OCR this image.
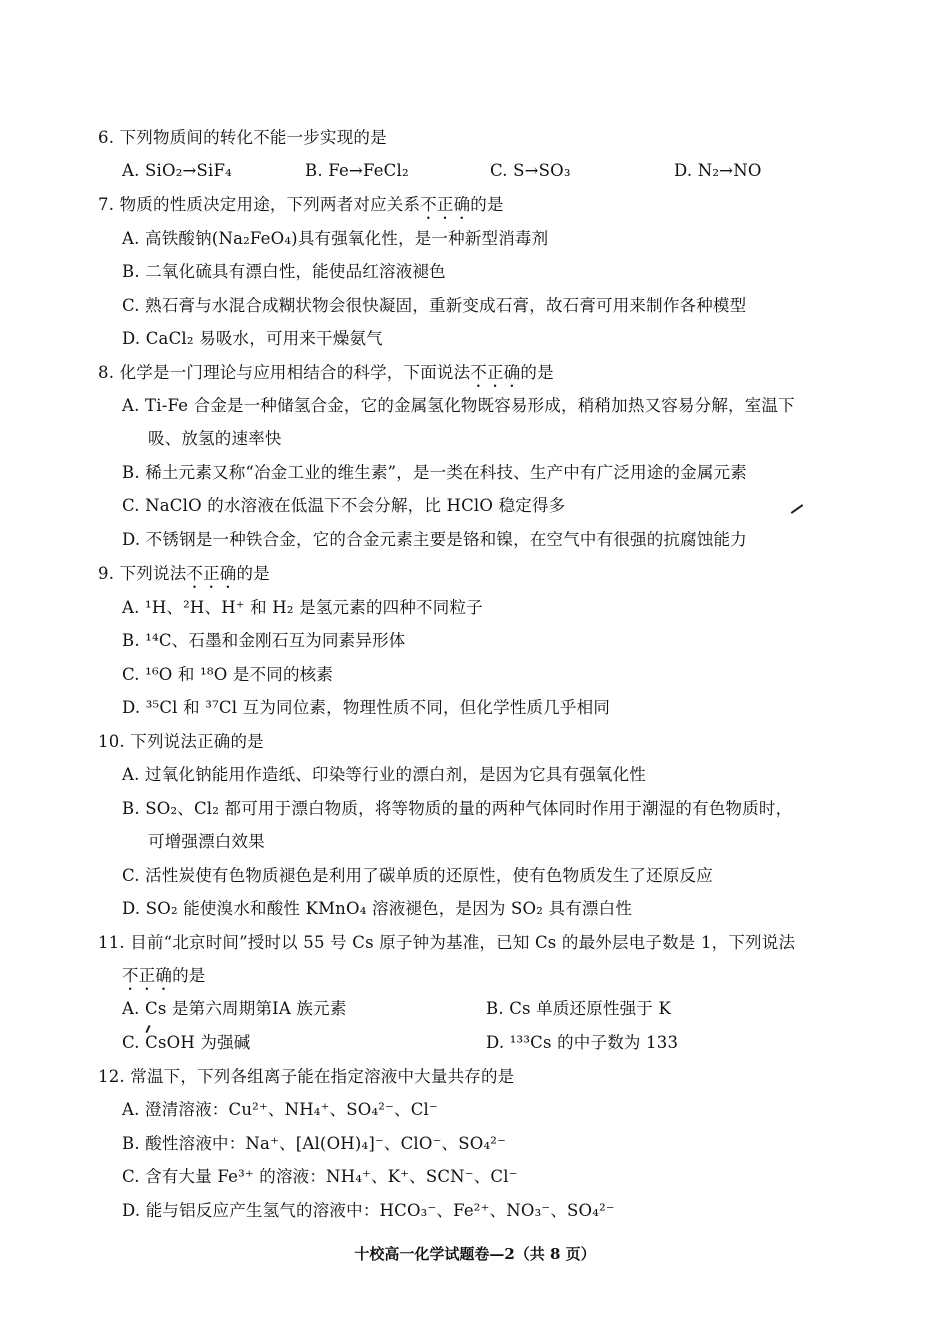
6. 下列物质间的转化不能一步实现的是
A. SiO₂→SiF₄	B. Fe→FeCl₂	C. S→SO₃	D. N₂→NO
7. 物质的性质决定用途，下列两者对应关系不正确的是
A. 高铁酸钠(Na₂FeO₄)具有强氧化性，是一种新型消毒剂
B. 二氧化硫具有漂白性，能使品红溶液褪色
C. 熟石膏与水混合成糊状物会很快凝固，重新变成石膏，故石膏可用来制作各种模型
D. CaCl₂ 易吸水，可用来干燥氨气
8. 化学是一门理论与应用相结合的科学，下面说法不正确的是
A. Ti-Fe 合金是一种储氢合金，它的金属氢化物既容易形成，稍稍加热又容易分解，室温下
吸、放氢的速率快
B. 稀土元素又称“冶金工业的维生素”，是一类在科技、生产中有广泛用途的金属元素
C. NaClO 的水溶液在低温下不会分解，比 HClO 稳定得多
D. 不锈钢是一种铁合金，它的合金元素主要是铬和镍，在空气中有很强的抗腐蚀能力
9. 下列说法不正确的是
A. ¹H、²H、H⁺ 和 H₂ 是氢元素的四种不同粒子
B. ¹⁴C、石墨和金刚石互为同素异形体
C. ¹⁶O 和 ¹⁸O 是不同的核素
D. ³⁵Cl 和 ³⁷Cl 互为同位素，物理性质不同，但化学性质几乎相同
10. 下列说法正确的是
A. 过氧化钠能用作造纸、印染等行业的漂白剂，是因为它具有强氧化性
B. SO₂、Cl₂ 都可用于漂白物质，将等物质的量的两种气体同时作用于潮湿的有色物质时，
可增强漂白效果
C. 活性炭使有色物质褪色是利用了碳单质的还原性，使有色物质发生了还原反应
D. SO₂ 能使溴水和酸性 KMnO₄ 溶液褪色，是因为 SO₂ 具有漂白性
11. 目前“北京时间”授时以 55 号 Cs 原子钟为基准，已知 Cs 的最外层电子数是 1，下列说法
不正确的是
A. Cs 是第六周期第ⅠA 族元素	B. Cs 单质还原性强于 K
C. CsOH 为强碱	D. ¹³³Cs 的中子数为 133
12. 常温下，下列各组离子能在指定溶液中大量共存的是
A. 澄清溶液：Cu²⁺、NH₄⁺、SO₄²⁻、Cl⁻
B. 酸性溶液中：Na⁺、[Al(OH)₄]⁻、ClO⁻、SO₄²⁻
C. 含有大量 Fe³⁺ 的溶液：NH₄⁺、K⁺、SCN⁻、Cl⁻
D. 能与铝反应产生氢气的溶液中：HCO₃⁻、Fe²⁺、NO₃⁻、SO₄²⁻
十校高一化学试题卷—2（共 8 页）
